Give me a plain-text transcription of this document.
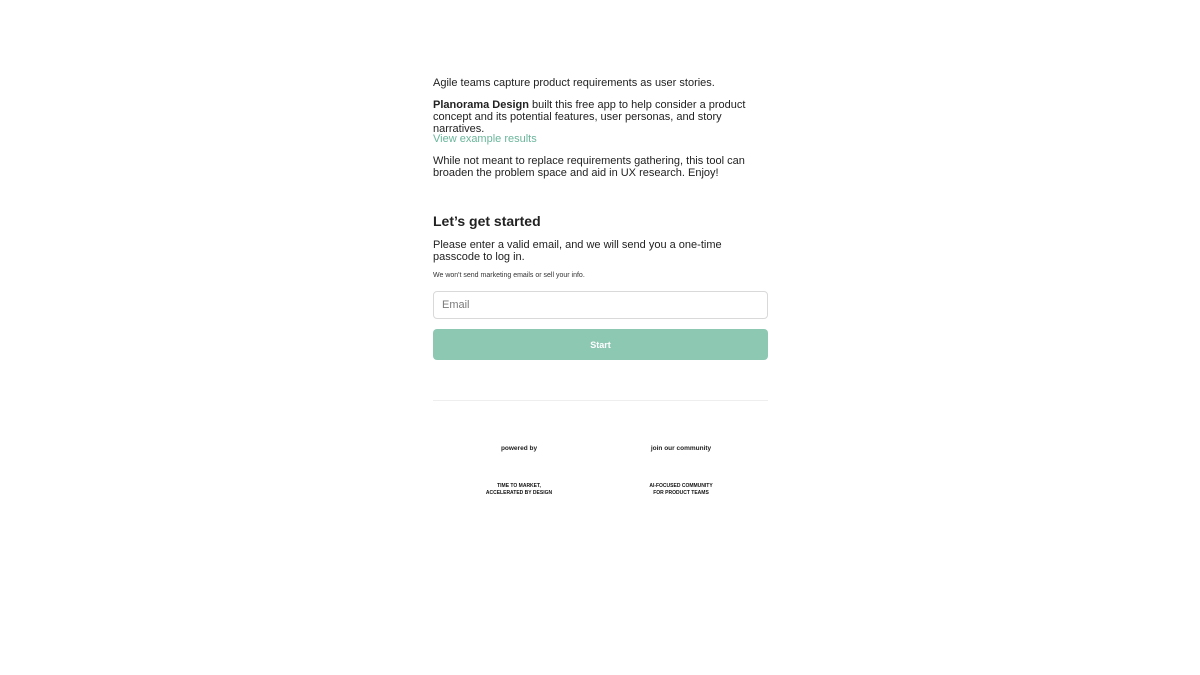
Agile teams capture product requirements as user stories.

Planorama Design built this free app to help consider a product concept and its potential features, user personas, and story narratives.

View example results

While not meant to replace requirements gathering, this tool can broaden the problem space and aid in UX research. Enjoy!

Let’s get started

Please enter a valid email, and we will send you a one-time passcode to log in.

We won't send marketing emails or sell your info.

Email
Start
powered by
TIME TO MARKET,
ACCELERATED BY DESIGN
join our community
AI-FOCUSED COMMUNITY
FOR PRODUCT TEAMS
